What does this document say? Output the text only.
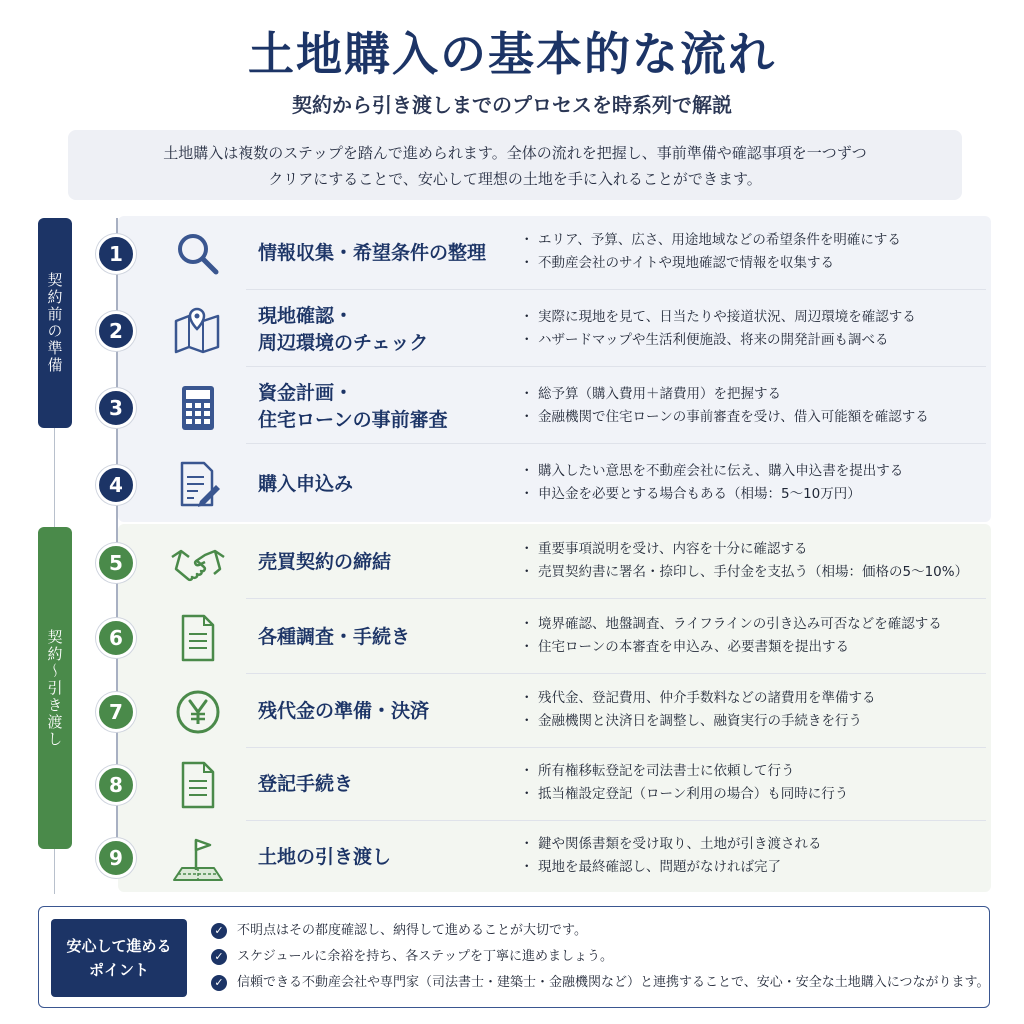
土地購入の基本的な流れ
契約から引き渡しまでのプロセスを時系列で解説
土地購入は複数のステップを踏んで進められます。全体の流れを把握し、事前準備や確認事項を一つずつ
クリアにすることで、安心して理想の土地を手に入れることができます。
契約前の準備
契約〜引き渡し
1	情報収集・希望条件の整理
・ エリア、予算、広さ、用途地域などの希望条件を明確にする
・ 不動産会社のサイトや現地確認で情報を収集する
2
現地確認・
周辺環境のチェック
・ 実際に現地を見て、日当たりや接道状況、周辺環境を確認する
・ ハザードマップや生活利便施設、将来の開発計画も調べる
3
資金計画・
住宅ローンの事前審査
・ 総予算（購入費用＋諸費用）を把握する
・ 金融機関で住宅ローンの事前審査を受け、借入可能額を確認する
4	購入申込み
・ 購入したい意思を不動産会社に伝え、購入申込書を提出する
・ 申込金を必要とする場合もある（相場：5〜10万円）
5	売買契約の締結
・ 重要事項説明を受け、内容を十分に確認する
・ 売買契約書に署名・捺印し、手付金を支払う（相場：価格の5〜10%）
6	各種調査・手続き
・ 境界確認、地盤調査、ライフラインの引き込み可否などを確認する
・ 住宅ローンの本審査を申込み、必要書類を提出する
7	残代金の準備・決済
・ 残代金、登記費用、仲介手数料などの諸費用を準備する
・ 金融機関と決済日を調整し、融資実行の手続きを行う
8	登記手続き
・ 所有権移転登記を司法書士に依頼して行う
・ 抵当権設定登記（ローン利用の場合）も同時に行う
9	土地の引き渡し
・ 鍵や関係書類を受け取り、土地が引き渡される
・ 現地を最終確認し、問題がなければ完了
安心して進める
ポイント
✓ 不明点はその都度確認し、納得して進めることが大切です。
✓ スケジュールに余裕を持ち、各ステップを丁寧に進めましょう。
✓ 信頼できる不動産会社や専門家（司法書士・建築士・金融機関など）と連携することで、安心・安全な土地購入につながります。
